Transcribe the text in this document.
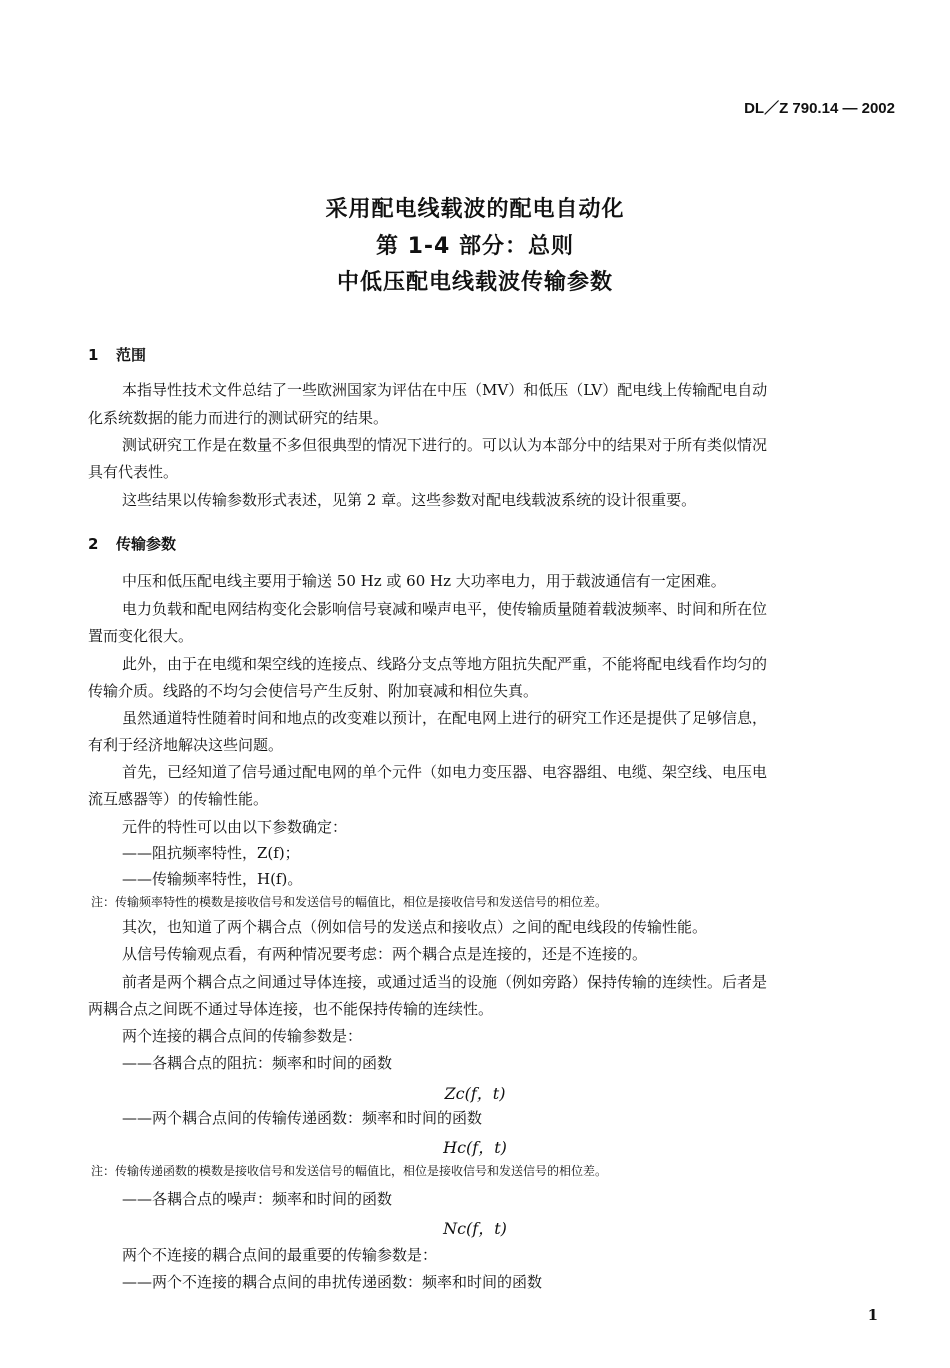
DL／Z 790.14 — 2002
采用配电线载波的配电自动化
第 1-4 部分：总则
中低压配电线载波传输参数
1 范围
本指导性技术文件总结了一些欧洲国家为评估在中压（MV）和低压（LV）配电线上传输配电自动
化系统数据的能力而进行的测试研究的结果。
测试研究工作是在数量不多但很典型的情况下进行的。可以认为本部分中的结果对于所有类似情况
具有代表性。
这些结果以传输参数形式表述，见第 2 章。这些参数对配电线载波系统的设计很重要。
2 传输参数
中压和低压配电线主要用于输送 50 Hz 或 60 Hz 大功率电力，用于载波通信有一定困难。
电力负载和配电网结构变化会影响信号衰减和噪声电平，使传输质量随着载波频率、时间和所在位
置而变化很大。
此外，由于在电缆和架空线的连接点、线路分支点等地方阻抗失配严重，不能将配电线看作均匀的
传输介质。线路的不均匀会使信号产生反射、附加衰减和相位失真。
虽然通道特性随着时间和地点的改变难以预计，在配电网上进行的研究工作还是提供了足够信息，
有利于经济地解决这些问题。
首先，已经知道了信号通过配电网的单个元件（如电力变压器、电容器组、电缆、架空线、电压电
流互感器等）的传输性能。
元件的特性可以由以下参数确定：
——阻抗频率特性，Z(f)；
——传输频率特性，H(f)。
注：传输频率特性的模数是接收信号和发送信号的幅值比，相位是接收信号和发送信号的相位差。
其次，也知道了两个耦合点（例如信号的发送点和接收点）之间的配电线段的传输性能。
从信号传输观点看，有两种情况要考虑：两个耦合点是连接的，还是不连接的。
前者是两个耦合点之间通过导体连接，或通过适当的设施（例如旁路）保持传输的连续性。后者是
两耦合点之间既不通过导体连接，也不能保持传输的连续性。
两个连接的耦合点间的传输参数是：
——各耦合点的阻抗：频率和时间的函数
Zc(f，t)
——两个耦合点间的传输传递函数：频率和时间的函数
Hc(f，t)
注：传输传递函数的模数是接收信号和发送信号的幅值比，相位是接收信号和发送信号的相位差。
——各耦合点的噪声：频率和时间的函数
Nc(f，t)
两个不连接的耦合点间的最重要的传输参数是：
——两个不连接的耦合点间的串扰传递函数：频率和时间的函数
1
